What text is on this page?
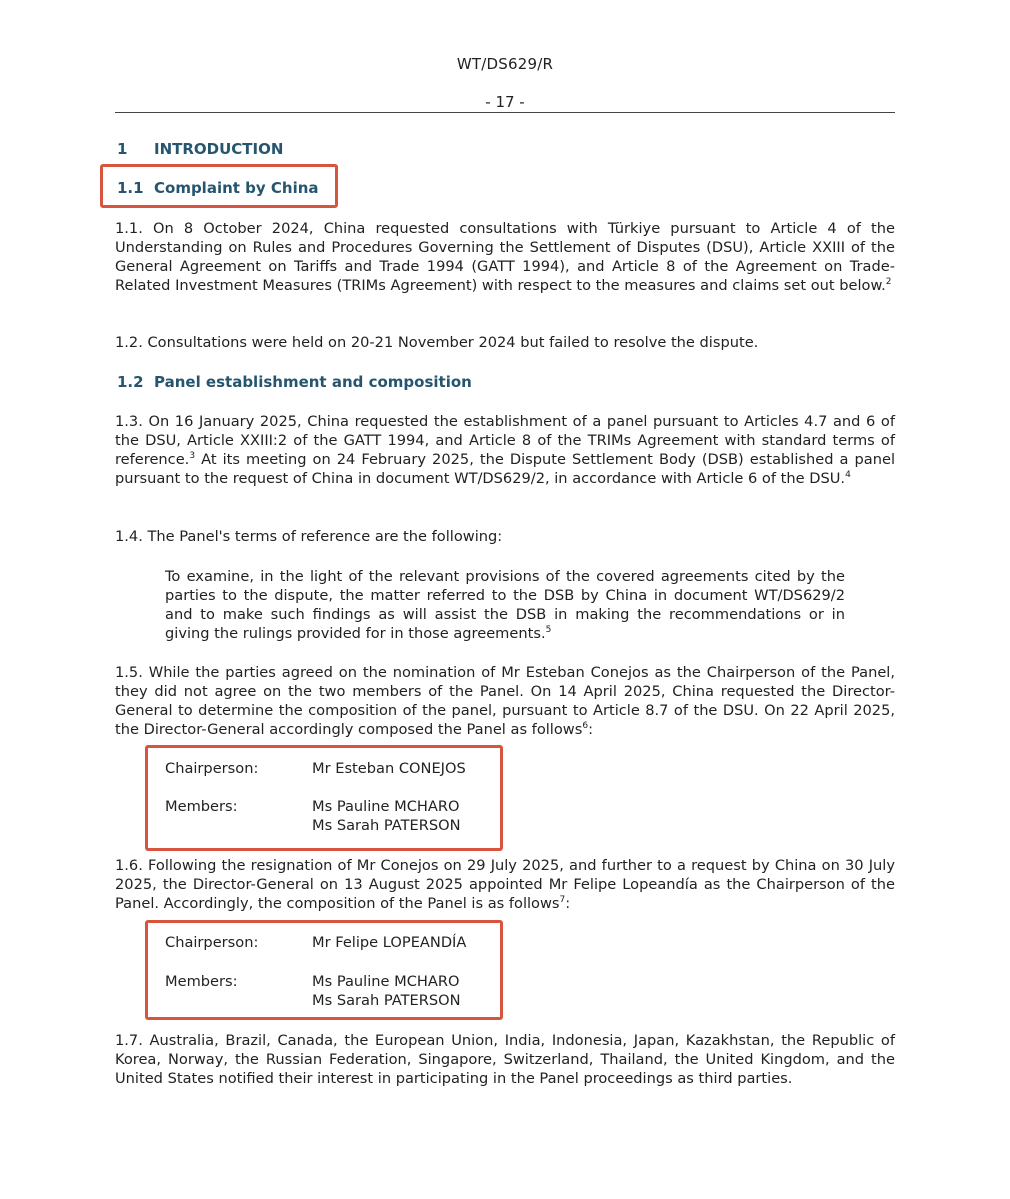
WT/DS629/R
- 17 -
1 INTRODUCTION
1.1 Complaint by China

1.1. On 8 October 2024, China requested consultations with Türkiye pursuant to Article 4 of the Understanding on Rules and Procedures Governing the Settlement of Disputes (DSU), Article XXIII of the General Agreement on Tariffs and Trade 1994 (GATT 1994), and Article 8 of the Agreement on Trade-Related Investment Measures (TRIMs Agreement) with respect to the measures and claims set out below.$^2$

1.2. Consultations were held on 20-21 November 2024 but failed to resolve the dispute.

1.2 Panel establishment and composition

1.3. On 16 January 2025, China requested the establishment of a panel pursuant to Articles 4.7 and 6 of the DSU, Article XXIII:2 of the GATT 1994, and Article 8 of the TRIMs Agreement with standard terms of reference.$^3$ At its meeting on 24 February 2025, the Dispute Settlement Body (DSB) established a panel pursuant to the request of China in document WT/DS629/2, in accordance with Article 6 of the DSU.$^4$

1.4. The Panel's terms of reference are the following:

To examine, in the light of the relevant provisions of the covered agreements cited by the parties to the dispute, the matter referred to the DSB by China in document WT/DS629/2 and to make such findings as will assist the DSB in making the recommendations or in giving the rulings provided for in those agreements.$^5$

1.5. While the parties agreed on the nomination of Mr Esteban Conejos as the Chairperson of the Panel, they did not agree on the two members of the Panel. On 14 April 2025, China requested the Director-General to determine the composition of the panel, pursuant to Article 8.7 of the DSU. On 22 April 2025, the Director-General accordingly composed the Panel as follows$^6$:

Chairperson:	Mr Esteban CONEJOS
Members:	Ms Pauline MCHARO
Ms Sarah PATERSON

1.6. Following the resignation of Mr Conejos on 29 July 2025, and further to a request by China on 30 July 2025, the Director-General on 13 August 2025 appointed Mr Felipe Lopeandía as the Chairperson of the Panel. Accordingly, the composition of the Panel is as follows$^7$:

Chairperson:	Mr Felipe LOPEANDÍA
Members:	Ms Pauline MCHARO
Ms Sarah PATERSON

1.7. Australia, Brazil, Canada, the European Union, India, Indonesia, Japan, Kazakhstan, the Republic of Korea, Norway, the Russian Federation, Singapore, Switzerland, Thailand, the United Kingdom, and the United States notified their interest in participating in the Panel proceedings as third parties.
